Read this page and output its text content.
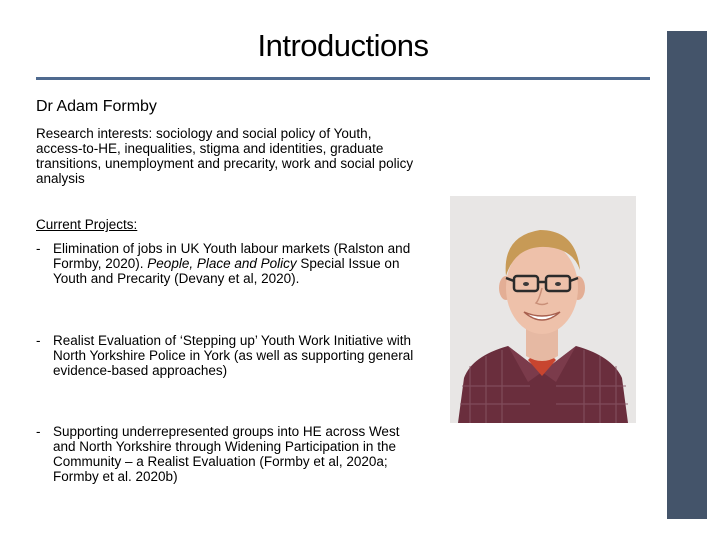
Introductions
Dr Adam Formby
Research interests: sociology and social policy of Youth, access-to-HE, inequalities, stigma and identities, graduate transitions, unemployment and precarity, work and social policy analysis
Current Projects:
- Elimination of jobs in UK Youth labour markets (Ralston and Formby, 2020). People, Place and Policy Special Issue on Youth and Precarity (Devany et al, 2020).
- Realist Evaluation of ‘Stepping up’ Youth Work Initiative with North Yorkshire Police in York (as well as supporting general evidence-based approaches)
- Supporting underrepresented groups into HE across West and North Yorkshire through Widening Participation in the Community – a Realist Evaluation (Formby et al, 2020a; Formby et al. 2020b)
